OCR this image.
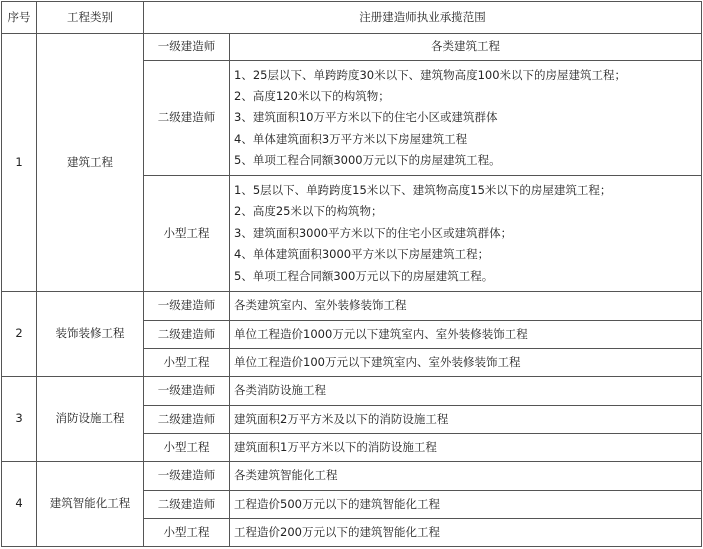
序号	工程类别	注册建造师执业承揽范围	
1	建筑工程	一级建造师	各类建筑工程
		二级建造师	1、25层以下、单跨跨度30米以下、建筑物高度100米以下的房屋建筑工程；
2、高度120米以下的构筑物；
3、建筑面积10万平方米以下的住宅小区或建筑群体
4、单体建筑面积3万平方米以下房屋建筑工程
5、单项工程合同额3000万元以下的房屋建筑工程。

		小型工程	1、5层以下、单跨跨度15米以下、建筑物高度15米以下的房屋建筑工程；
2、高度25米以下的构筑物；
3、建筑面积3000平方米以下的住宅小区或建筑群体；
4、单体建筑面积3000平方米以下房屋建筑工程；
5、单项工程合同额300万元以下的房屋建筑工程。

2	装饰装修工程	一级建造师	各类建筑室内、室外装修装饰工程
		二级建造师	单位工程造价1000万元以下建筑室内、室外装修装饰工程
		小型工程	单位工程造价100万元以下建筑室内、室外装修装饰工程
3	消防设施工程	一级建造师	各类消防设施工程
		二级建造师	建筑面积2万平方米及以下的消防设施工程
		小型工程	建筑面积1万平方米以下的消防设施工程
4	建筑智能化工程	一级建造师	各类建筑智能化工程
		二级建造师	工程造价500万元以下的建筑智能化工程
		小型工程	工程造价200万元以下的建筑智能化工程
